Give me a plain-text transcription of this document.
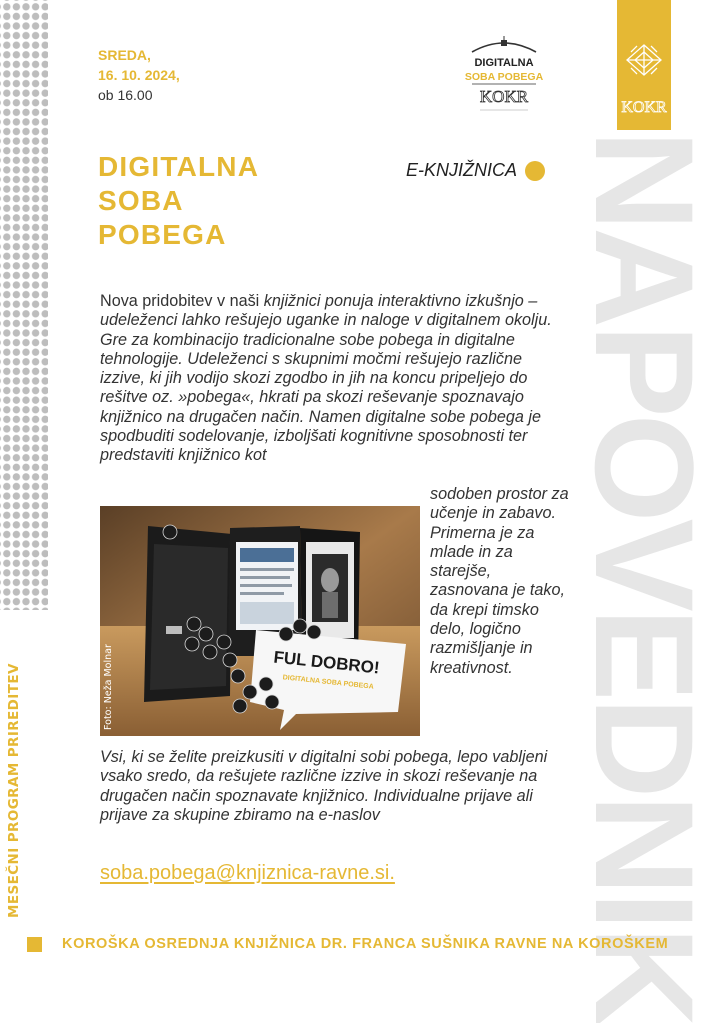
MESEČNI PROGRAM PRIREDITEV
SREDA,
16. 10. 2024,
ob 16.00
DIGITALNA
SOBA POBEGA
KOKR
KOKR
NAPOVEDNIK
DIGITALNA
SOBA
POBEGA
E-KNJIŽNICA

Nova pridobitev v naši knjižnici ponuja interaktivno izkušnjo – udeleženci lahko rešujejo uganke in naloge v digitalnem okolju. Gre za kombinacijo tradicionalne sobe pobega in digitalne tehnologije. Udeleženci s skupnimi močmi rešujejo različne izzive, ki jih vodijo skozi zgodbo in jih na koncu pripeljejo do rešitve oz. »pobega«, hkrati pa skozi reševanje spoznavajo knjižnico na drugačen način. Namen digitalne sobe pobega je spodbuditi sodelovanje, izboljšati kognitivne sposobnosti ter predstaviti knjižnico kot

sodoben prostor za učenje in zabavo. Primerna je za mlade in za starejše, zasnovana je tako, da krepi timsko delo, logično razmišljanje in kreativnost.

FUL DOBRO!
DIGITALNA SOBA POBEGA
Foto: Neža Molnar

Vsi, ki se želite preizkusiti v digitalni sobi pobega, lepo vabljeni vsako sredo, da rešujete različne izzive in skozi reševanje na drugačen način spoznavate knjižnico. Individualne prijave ali prijave za skupine zbiramo na e-naslov

soba.pobega@knjiznica-ravne.si.
KOROŠKA OSREDNJA KNJIŽNICA DR. FRANCA SUŠNIKA RAVNE NA KOROŠKEM
